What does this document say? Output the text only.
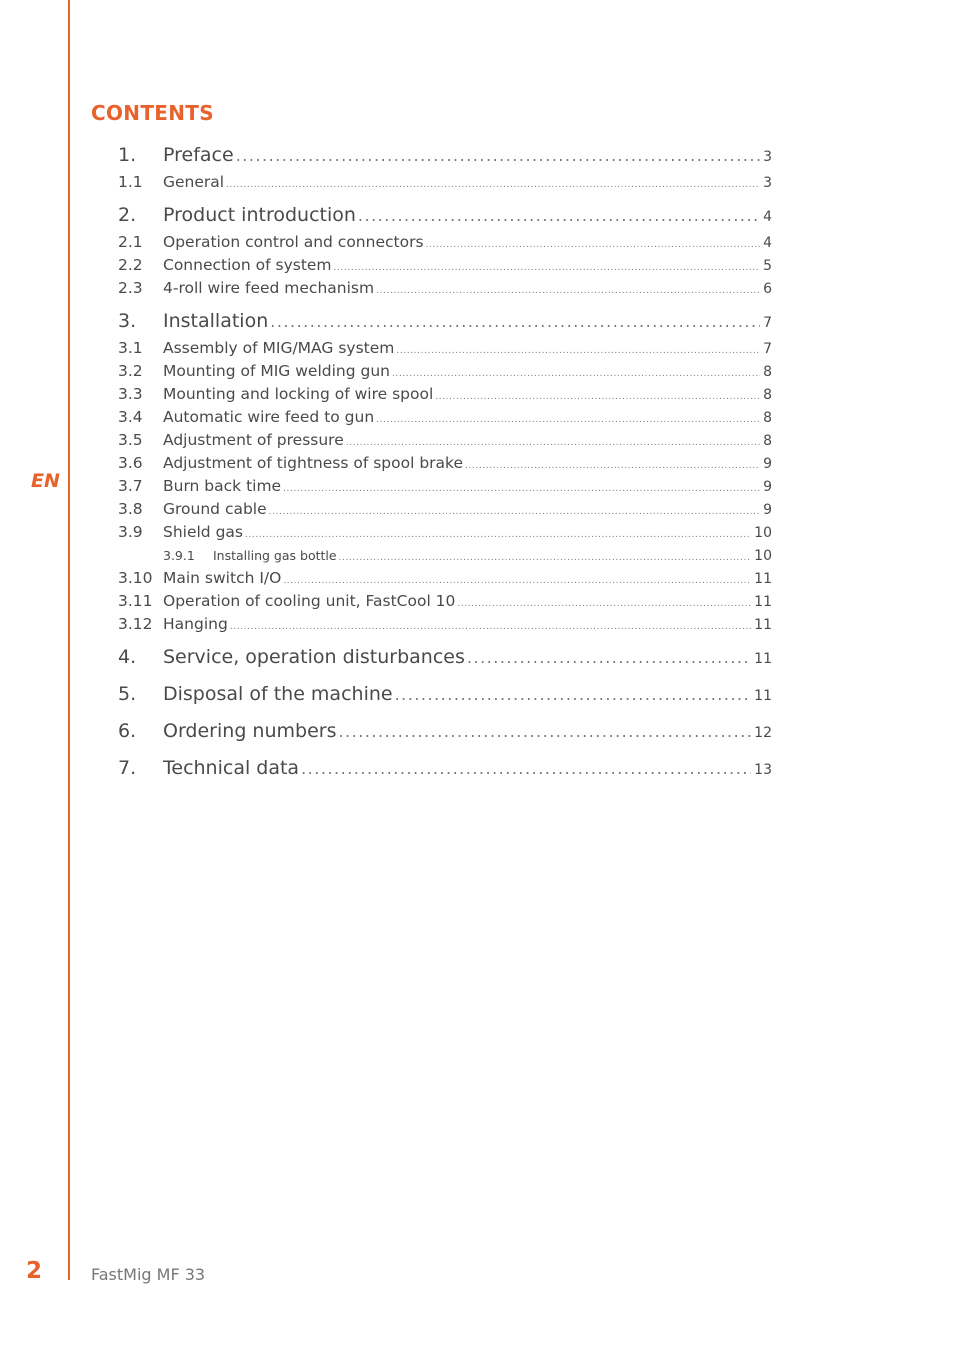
EN
CONTENTS
1.	Preface .....	3
1.1	General .....	3
2.	Product introduction .....	4
2.1	Operation control and connectors .....	4
2.2	Connection of system .....	5
2.3	4-roll wire feed mechanism .....	6
3.	Installation .....	7
3.1	Assembly of MIG/MAG system .....	7
3.2	Mounting of MIG welding gun .....	8
3.3	Mounting and locking of wire spool .....	8
3.4	Automatic wire feed to gun .....	8
3.5	Adjustment of pressure .....	8
3.6	Adjustment of tightness of spool brake .....	9
3.7	Burn back time .....	9
3.8	Ground cable .....	9
3.9	Shield gas .....	10
3.9.1	Installing gas bottle .....	10
3.10 Main switch I/O .....	11
3.11 Operation of cooling unit, FastCool 10 .....	11
3.12 Hanging .....	11
4.	Service, operation disturbances .....	11
5.	Disposal of the machine .....	11
6.	Ordering numbers .....	12
7.	Technical data .....	13
2	FastMig MF 33
